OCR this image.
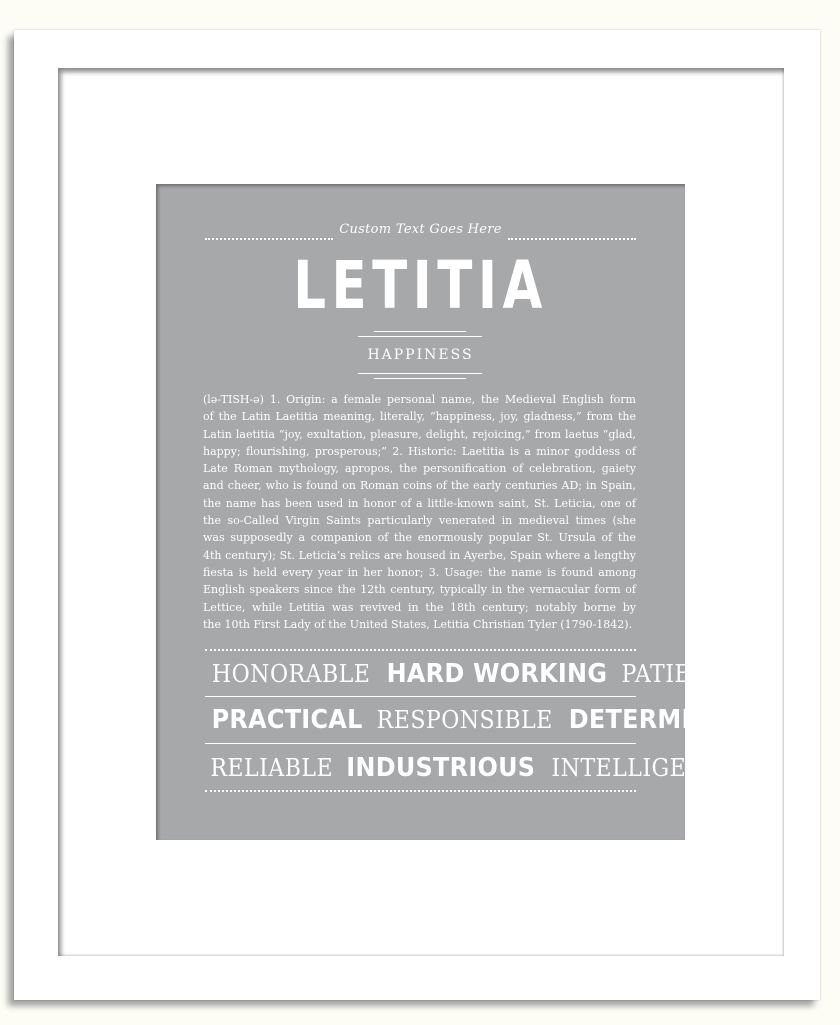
Custom Text Goes Here
LETITIA
HAPPINESS
(lə-TISH-ə) 1. Origin: a female personal name, the Medieval English form
of the Latin Laetitia meaning, literally, “happiness, joy, gladness,” from the
Latin laetitia “joy, exultation, pleasure, delight, rejoicing,” from laetus “glad,
happy; flourishing, prosperous;” 2. Historic: Laetitia is a minor goddess of
Late Roman mythology, apropos, the personification of celebration, gaiety
and cheer, who is found on Roman coins of the early centuries AD; in Spain,
the name has been used in honor of a little-known saint, St. Leticia, one of
the so-Called Virgin Saints particularly venerated in medieval times (she
was supposedly a companion of the enormously popular St. Ursula of the
4th century); St. Leticia’s relics are housed in Ayerbe, Spain where a lengthy
fiesta is held every year in her honor; 3. Usage: the name is found among
English speakers since the 12th century, typically in the vernacular form of
Lettice, while Letitia was revived in the 18th century; notably borne by
the 10th First Lady of the United States, Letitia Christian Tyler (1790-1842).
HONORABLE HARD WORKING PATIENT
PRACTICAL RESPONSIBLE DETERMINED
RELIABLE INDUSTRIOUS INTELLIGENT
